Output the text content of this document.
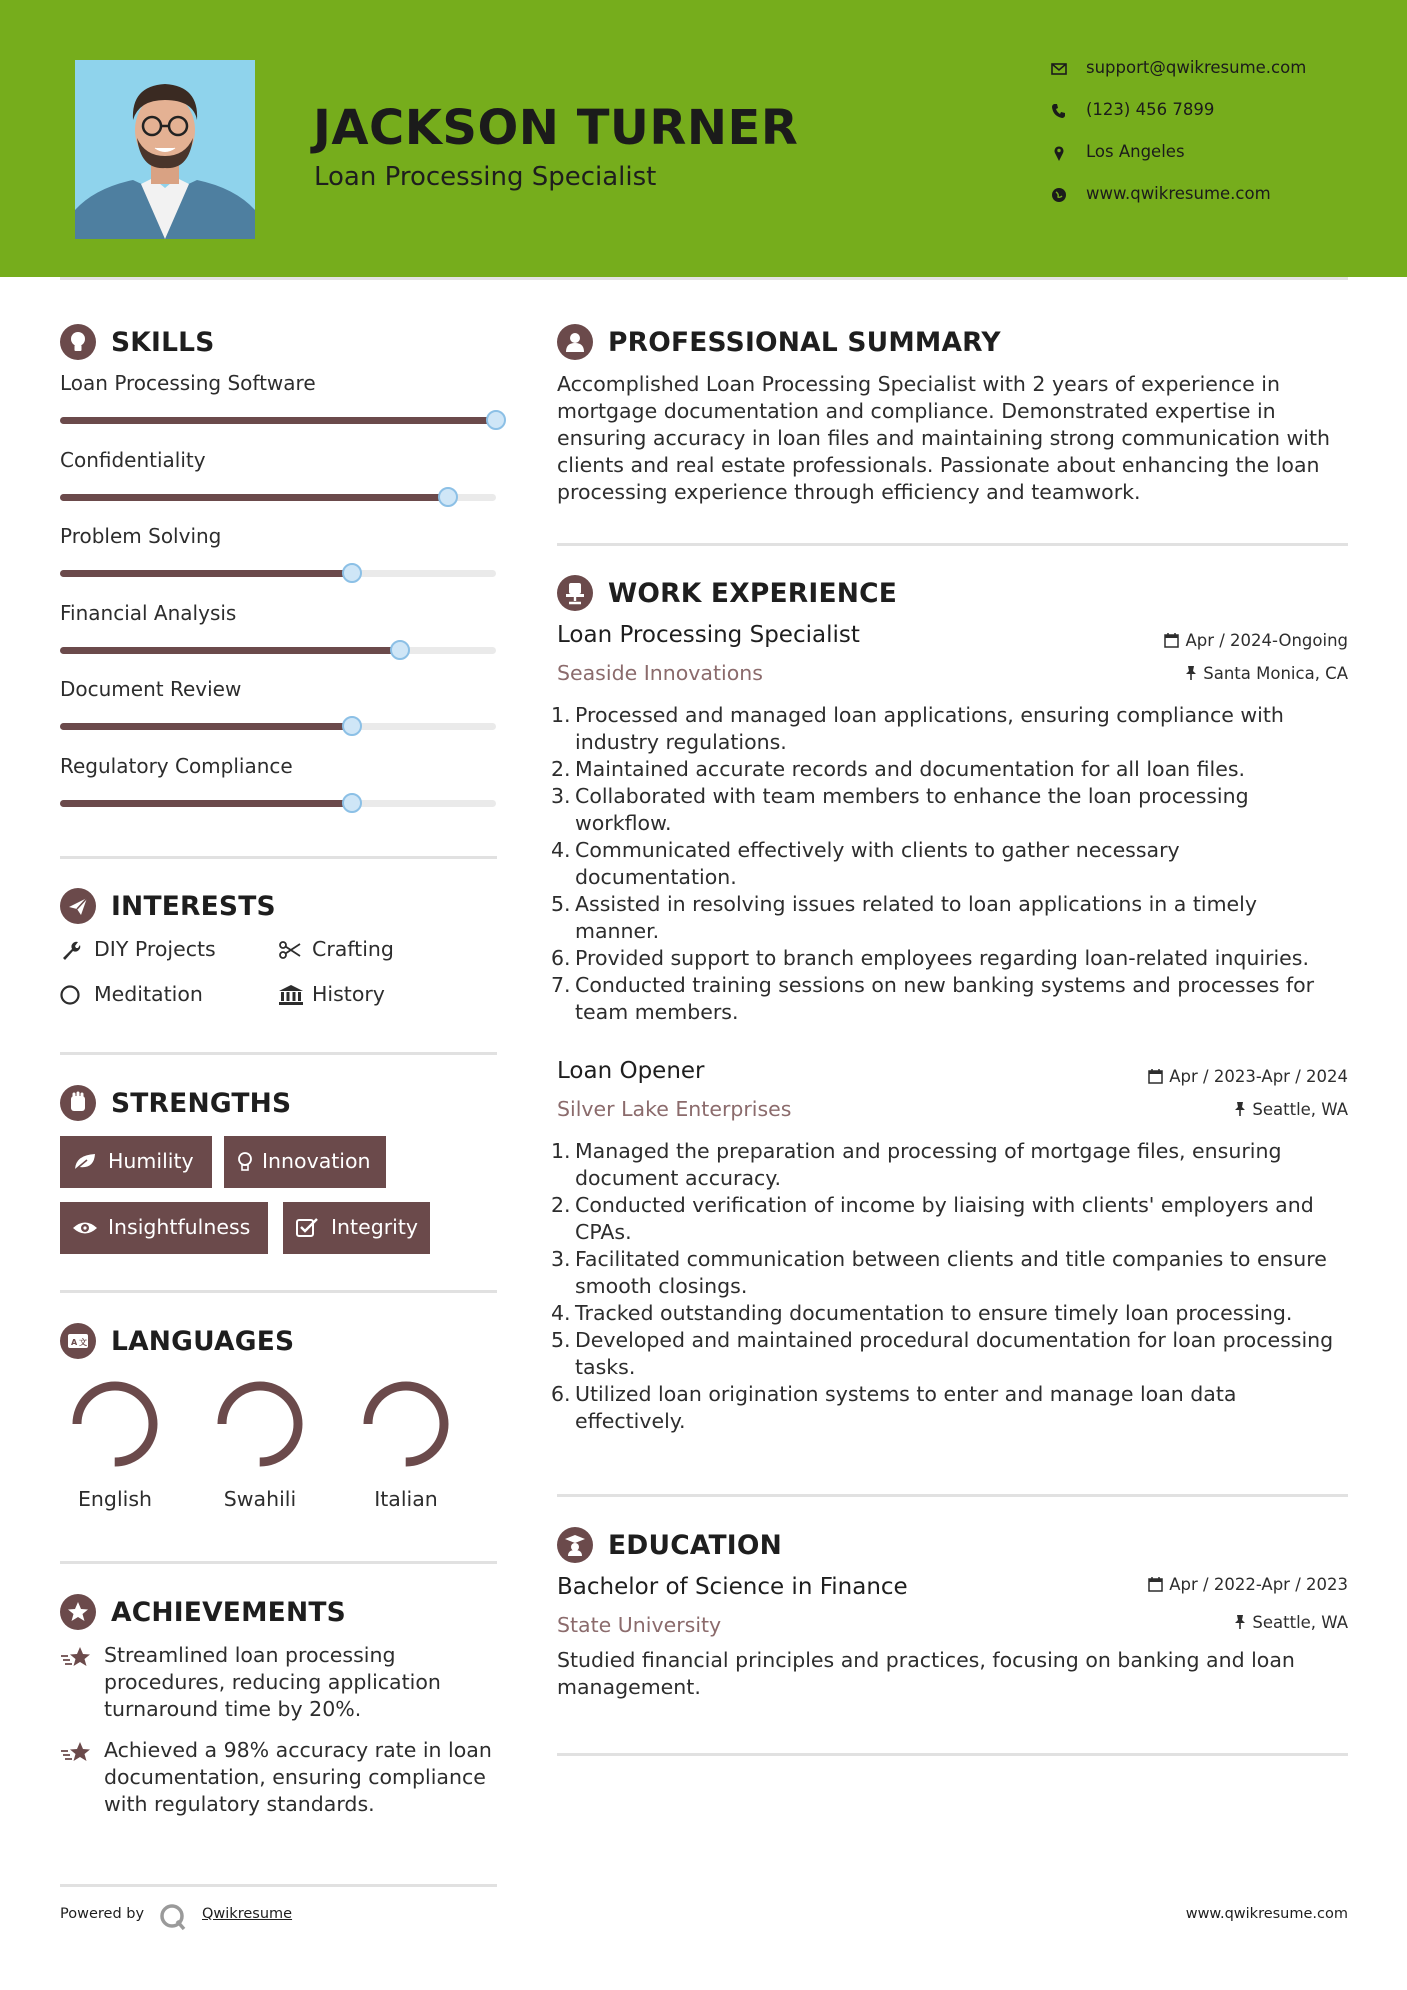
JACKSON TURNER
Loan Processing Specialist
support@qwikresume.com
(123) 456 7899
Los Angeles
www.qwikresume.com
SKILLS
Loan Processing Software
Confidentiality
Problem Solving
Financial Analysis
Document Review
Regulatory Compliance
INTERESTS
DIY Projects	Crafting
Meditation	History
STRENGTHS
Humility	Innovation
Insightfulness	Integrity
A 文 LANGUAGES
English	Swahili	Italian
ACHIEVEMENTS
Streamlined loan processing procedures, reducing application turnaround time by 20%.
Achieved a 98% accuracy rate in loan documentation, ensuring compliance with regulatory standards.
PROFESSIONAL SUMMARY
Accomplished Loan Processing Specialist with 2 years of experience in mortgage documentation and compliance. Demonstrated expertise in ensuring accuracy in loan files and maintaining strong communication with clients and real estate professionals. Passionate about enhancing the loan processing experience through efficiency and teamwork.
WORK EXPERIENCE
Loan Processing Specialist	Apr / 2024-Ongoing
Seaside Innovations	Santa Monica, CA
1. Processed and managed loan applications, ensuring compliance with industry regulations.
2. Maintained accurate records and documentation for all loan files.
3. Collaborated with team members to enhance the loan processing workflow.
4. Communicated effectively with clients to gather necessary documentation.
5. Assisted in resolving issues related to loan applications in a timely manner.
6. Provided support to branch employees regarding loan-related inquiries.
7. Conducted training sessions on new banking systems and processes for team members.
Loan Opener	Apr / 2023-Apr / 2024
Silver Lake Enterprises	Seattle, WA
1. Managed the preparation and processing of mortgage files, ensuring document accuracy.
2. Conducted verification of income by liaising with clients' employers and CPAs.
3. Facilitated communication between clients and title companies to ensure smooth closings.
4. Tracked outstanding documentation to ensure timely loan processing.
5. Developed and maintained procedural documentation for loan processing tasks.
6. Utilized loan origination systems to enter and manage loan data effectively.
EDUCATION
Bachelor of Science in Finance	Apr / 2022-Apr / 2023
State University	Seattle, WA
Studied financial principles and practices, focusing on banking and loan management.
Powered by	Qwikresume	www.qwikresume.com
